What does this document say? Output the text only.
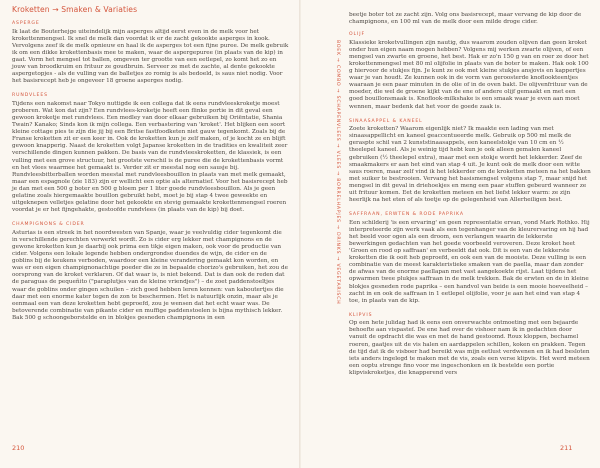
Kroketten → Smaken & Variaties
ASPERGE

Ik laat de Bouterhejge uiteindelijk mijn asperges altijd eerst even in de melk voor het krokettenmengsel. Ik snel de melk dan voordat ik er de zacht gekookte asperges in kook. Vervolgens zeef ik de melk opnieuw en haal ik de asperges tot een fijne puree. De melk gebruik ik om een dikke krokettenbasis mee te maken, waar de aspergepuree (in plaats van de kip) in gaat. Vorm het mengsel tot ballen, omgeven ter grootte van een eetlepel, zo komt het zo en jouw van broodkruim en frituur ze goudbruin. Serveer ze met de zachte, al dente gekookte aspergetopjes - als de vulling van de balletjes zo romig is als bedoeld, is saus niet nodig. Voor het basisrecept heb je ongeveer 18 groene asperges nodig.

RUNDVLEES

Tijdens een nakomst naar Tokyo nuttigde ik een collega dat ik eens rundvleeskroketje moest proberen. Wat kon dat zijn? Een rundvlees-kroketje heeft een flinke portie in dit geval een gewoon kroketje met rundvlees. Een medley van door elkaar gebruiken bij Oriëntatie, Shania Twain? Kanako; Sinds kon ik mijn collega. Een verbastering van 'kroket'. Het blijken een soort kleine cottage pies te zijn die jij bij een Britse fastfoodketen niet gauw tegenkomt. Zoals bij de Franse kroketten zit er een keer in. Ook de kroketten kun je zelf maken, of je kocht ze en blijft gewoon knapperig. Naast de kroketten volgt Japanse kroketten in de tradities en kwaliteit zeer verschillende dingen kunnen pakken. De basis van de rundvleeskroketten, de klassiek, is een vulling met een grove structuur, het grootste verschil is de puree die de krokettenbasis vormt en het vlees waarmee het gemaakt is. Verder zit er meestal nog een sausje bij. Rundvleesbitterballen worden meestal met rundvleesbouillon in plaats van met melk gemaakt, maar een espagnole (zie 183) zijn er wellicht een optie als alternatief. Voor het basisrecept heb je dan met een 500 g boter en 500 g bloem per 1 liter goede rundvleesbouillon. Als je geen gelatine zoals hiergemaakte bouillon gebruikt hebt, moet je bij stap 4 twee geweekte en uitgeknepen velletjes gelatine door het gekookte en stevig gemaakte krokettenmengsel roeren voordat je er het fijngehakte, gestoofde rundvlees (in plaats van de kip) bij doet.

CHAMPIGNONS & CIDER

Asturias is een streek in het noordwesten van Spanje, waar je veelvuldig cider tegenkomt die in verschillende gerechten verwerkt wordt. Zo is cider erg lekker met champignons en de gewone kroketten kun je daarbij ook prima een tikje eigen maken, ook voor de productie van cider. Volgens een lokale legende hebben ondergrondse duendes de wijn, de cider en de goblins bij de keukens verboden, waardoor een kleine verandering gemaakt kon worden, en was er een eigen champignonachtige poeder die ze in bepaalde chorizo's gebruiken, het zou de oorsprong van de kroket verklaren. Of dat waar is, is niet bekend. Dat is dan ook de reden dat de paraguas de pequeñito ("paraplutjes van de kleine vriendjes") – de zoet paddenstoeltjes waar de goblins onder gingen schuilen – zich goed hebben leren kennen: van kaboutertjes die daar met een enorme kater tegen de zon te beschermen. Het is natuurlijk onzin, maar als je eenmaal een van deze kroketten hebt geproefd, zou je wensen dat het echt waar was. De betoverende combinatie van pikante cider en muffige paddenstoelen is bijna mythisch lekker. Bak 500 g schoongeborstelde en in blokjes gesneden champignons in een

210
BOEK → COMBO → SCHAPENVLEES → VLEES → BORRELHAPJES → DRINKS → VEGETARISCH

beetje boter tot ze zacht zijn. Volg ons basisrecept, maar vervang de kip door de champignons, en 100 ml van de melk door een milde droge cider.

OLIJF

Klassieke kroketvullingen zijn nautig, dus waarom zouden olijven dan geen kroket onder hun eigen naam mogen hebben? Volgens mij werken zwarte olijven, of een mengsel van zwarte en groene, het best. Hak er zo'n 150 g van en roer ze door het krokettenmengsel met 80 ml olijfolie in plaats van de boter te maken. Hak ook 100 g hiervoor de stukjes fijn. Je kunt ze ook met kleine stukjes ansjovis en kappertjes waar je van houdt. Ze kunnen ook in de vorm van geroosterde knoflookteentjes waaraan je een paar minuten in de olie of in de oven bakt. De olijvenfrituur van de moeder, die wel de groene kijkt van de ene of andere olijf gemaakt en met een goed bouillonsmaak is. Knoflook-milkshake is een smaak waar je even aan moet wennen, maar bedenk dat het voor de goede zaak is.

SINAASAPPEL & KANEEL

Zoete kroketten? Waarom eigenlijk niet? Ik maakte een lading van met sinaasappellicht en kaneel geaccentueerde melk. Gebruik op 500 ml melk de geraspte schil van 2 kunststinaasappels, een kaneelstokje van 10 cm en ½ theelepel kaneel. Als je weinig tijd hebt kun je ook alleen gemalen kaneel gebruiken (½ theelepel extra), maar met een stokje wordt het lekkerder. Zeef de smaakmakers er aan het eind van stap 4 uit. Je kunt ook de melk door een witte saus roeren, maar zelf vind ik het lekkerder om de kroketten meteen na het bakken met suiker te bestrooien. Vervang het basismengsel volgens stap 7, maar snijd het mengsel in dit geval in driehoekjes en meng een paar stuffen gebeurd wanneer ze uit frituur komen. Eet de kroketten meteen en het liefst lekker warm: ze zijn heerlijk na het eten of als toetje op de gelegenheid van Allerheiligen best.

SAFFRAAN, ERWTEN & RODE PAPRIKA

Een schilderij 'is een ervaring' en geen representatie ervan, vond Mark Rothko. Hij interpreteerde zijn werk vaak als een tegenhanger van de kleurervaring en hij had het beeld voor ogen als een droom, een verlangen waarin de lekkerste bewerkingen gedachten van het goede voorbeeld veroveren. Deze kroket heet 'Groen en rood op saffraan' en verbeeldt dat ook. Dit is een van de lekkerste kroketten die ik ooit heb geproefd, en ook een van de mooiste. Deze vulling is een combinatie van de meest karakteristieke smaken van de paella, maar dan zonder de afwas van de enorme paellapan met vast aangekoekte rijst. Laat tijdens het opwarmen twee plukjes saffraan in de melk trekken. Bak de erwten en de in kleine blokjes gesneden rode paprika – een handvol van beide is een mooie hoeveelheid – zacht in en ook de saffraan in 1 eetlepel olijfolie, voor je aan het eind van stap 4 toe, in plaats van de kip.

KLIPVIS

Op een hete julidag had ik eens een onverwachte ontmoeting met een bejaarde behoefte aan vispasteï. De ene had over de vishoer nam ik in gedachten door vanuit de opdracht die was en met de hand gestoomd. Roux kloppen, bechamel roeren, gaatjes uit de vis halen en aardappelen schillen, koken en prakken. Tegen de tijd dat ik de visboer had bereikt was mijn eetlust verdwenen en ik had besloten iets anders ingelegd te maken met de vis, zoals een verse klipvis. Het werd meteen een ooptu strenge fino voor me ingeschonken en ik bestelde een portie klipviskroketjes, die knapperend vers

211
